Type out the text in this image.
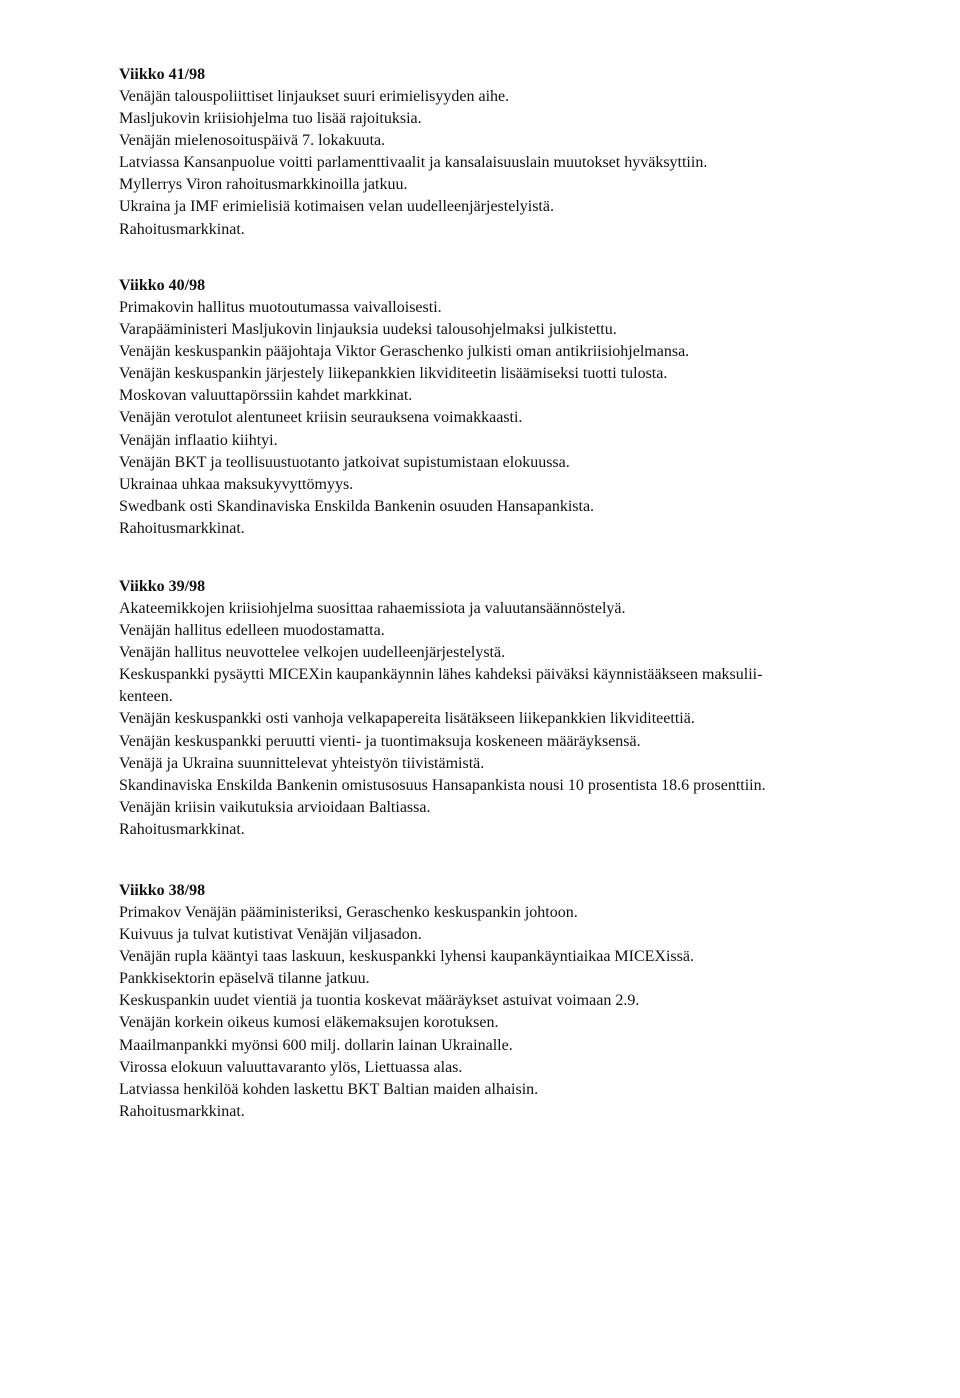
Viikko 41/98
Venäjän talouspoliittiset linjaukset suuri erimielisyyden aihe.
Masljukovin kriisiohjelma tuo lisää rajoituksia.
Venäjän mielenosoituspäivä 7. lokakuuta.
Latviassa Kansanpuolue voitti parlamenttivaalit ja kansalaisuuslain muutokset hyväksyttiin.
Myllerrys Viron rahoitusmarkkinoilla jatkuu.
Ukraina ja IMF erimielisiä kotimaisen velan uudelleenjärjestelyistä.
Rahoitusmarkkinat.
Viikko 40/98
Primakovin hallitus muotoutumassa vaivalloisesti.
Varapääministeri Masljukovin linjauksia uudeksi talousohjelmaksi julkistettu.
Venäjän keskuspankin pääjohtaja Viktor Geraschenko julkisti oman antikriisiohjelmansa.
Venäjän keskuspankin järjestely liikepankkien likviditeetin lisäämiseksi tuotti tulosta.
Moskovan valuuttapörssiin kahdet markkinat.
Venäjän verotulot alentuneet kriisin seurauksena voimakkaasti.
Venäjän inflaatio kiihtyi.
Venäjän BKT ja teollisuustuotanto jatkoivat supistumistaan elokuussa.
Ukrainaa uhkaa maksukyvyttömyys.
Swedbank osti Skandinaviska Enskilda Bankenin osuuden Hansapankista.
Rahoitusmarkkinat.
Viikko 39/98
Akateemikkojen kriisiohjelma suosittaa rahaemissiota ja valuutansäännöstelyä.
Venäjän hallitus edelleen muodostamatta.
Venäjän hallitus neuvottelee velkojen uudelleenjärjestelystä.
Keskuspankki pysäytti MICEXin kaupankäynnin lähes kahdeksi päiväksi käynnistääkseen maksulii-
kenteen.
Venäjän keskuspankki osti vanhoja velkapapereita lisätäkseen liikepankkien likviditeettiä.
Venäjän keskuspankki peruutti vienti- ja tuontimaksuja koskeneen määräyksensä.
Venäjä ja Ukraina suunnittelevat yhteistyön tiivistämistä.
Skandinaviska Enskilda Bankenin omistusosuus Hansapankista nousi 10 prosentista 18.6 prosenttiin.
Venäjän kriisin vaikutuksia arvioidaan Baltiassa.
Rahoitusmarkkinat.
Viikko 38/98
Primakov Venäjän pääministeriksi, Geraschenko keskuspankin johtoon.
Kuivuus ja tulvat kutistivat Venäjän viljasadon.
Venäjän rupla kääntyi taas laskuun, keskuspankki lyhensi kaupankäyntiaikaa MICEXissä.
Pankkisektorin epäselvä tilanne jatkuu.
Keskuspankin uudet vientiä ja tuontia koskevat määräykset astuivat voimaan 2.9.
Venäjän korkein oikeus kumosi eläkemaksujen korotuksen.
Maailmanpankki myönsi 600 milj. dollarin lainan Ukrainalle.
Virossa elokuun valuuttavaranto ylös, Liettuassa alas.
Latviassa henkilöä kohden laskettu BKT Baltian maiden alhaisin.
Rahoitusmarkkinat.
